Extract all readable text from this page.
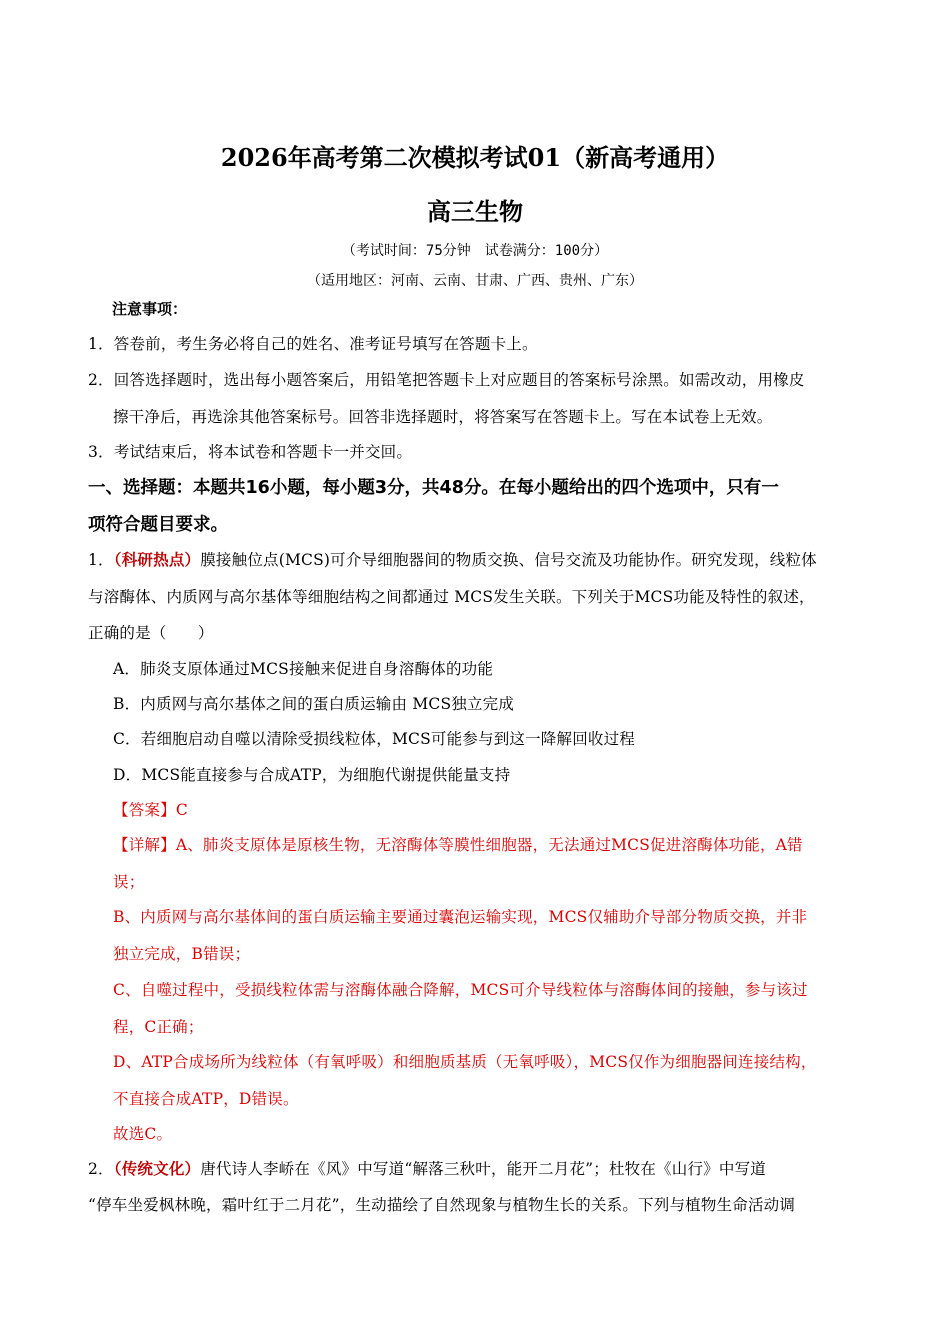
2026年高考第二次模拟考试01（新高考通用）
高三生物
（考试时间：75分钟　试卷满分：100分）
（适用地区：河南、云南、甘肃、广西、贵州、广东）
注意事项：
1．答卷前，考生务必将自己的姓名、准考证号填写在答题卡上。
2．回答选择题时，选出每小题答案后，用铅笔把答题卡上对应题目的答案标号涂黑。如需改动，用橡皮
擦干净后，再选涂其他答案标号。回答非选择题时，将答案写在答题卡上。写在本试卷上无效。
3．考试结束后，将本试卷和答题卡一并交回。
一、选择题：本题共16小题，每小题3分，共48分。在每小题给出的四个选项中，只有一
项符合题目要求。
1．（科研热点）膜接触位点(MCS)可介导细胞器间的物质交换、信号交流及功能协作。研究发现，线粒体
与溶酶体、内质网与高尔基体等细胞结构之间都通过 MCS发生关联。下列关于MCS功能及特性的叙述，
正确的是（　　）
A．肺炎支原体通过MCS接触来促进自身溶酶体的功能
B．内质网与高尔基体之间的蛋白质运输由 MCS独立完成
C．若细胞启动自噬以清除受损线粒体，MCS可能参与到这一降解回收过程
D．MCS能直接参与合成ATP，为细胞代谢提供能量支持
【答案】C
【详解】A、肺炎支原体是原核生物，无溶酶体等膜性细胞器，无法通过MCS促进溶酶体功能，A错
误；
B、内质网与高尔基体间的蛋白质运输主要通过囊泡运输实现，MCS仅辅助介导部分物质交换，并非
独立完成，B错误；
C、自噬过程中，受损线粒体需与溶酶体融合降解，MCS可介导线粒体与溶酶体间的接触，参与该过
程，C正确；
D、ATP合成场所为线粒体（有氧呼吸）和细胞质基质（无氧呼吸），MCS仅作为细胞器间连接结构，
不直接合成ATP，D错误。
故选C。
2．（传统文化）唐代诗人李峤在《风》中写道“解落三秋叶，能开二月花”；杜牧在《山行》中写道
“停车坐爱枫林晚，霜叶红于二月花”，生动描绘了自然现象与植物生长的关系。下列与植物生命活动调
